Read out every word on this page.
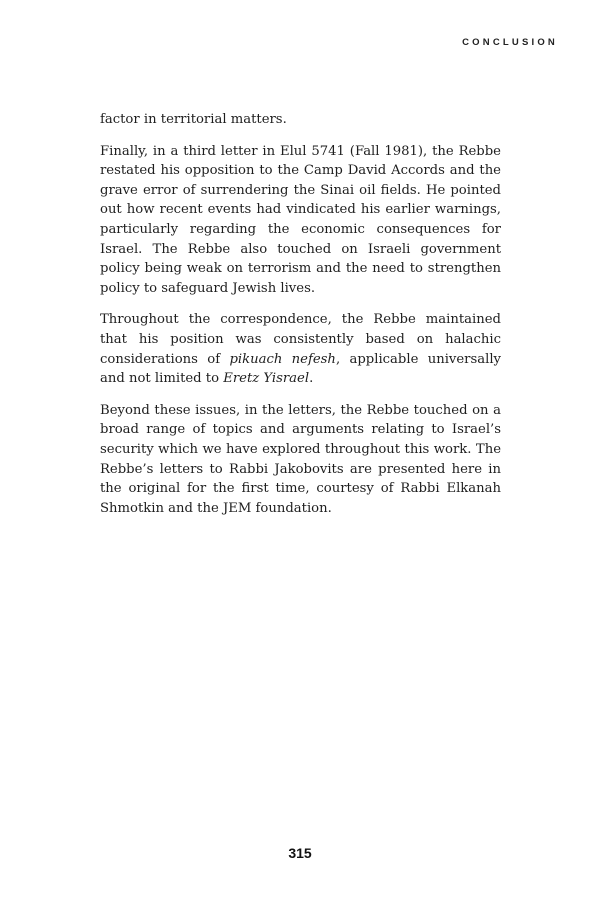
CONCLUSION

factor in territorial matters.

Finally, in a third letter in Elul 5741 (Fall 1981), the Rebbe restated his opposition to the Camp David Accords and the grave error of surrendering the Sinai oil fields. He pointed out how recent events had vindicated his earlier warnings, particularly regarding the economic consequences for Israel. The Rebbe also touched on Israeli government policy being weak on terrorism and the need to strengthen policy to safeguard Jewish lives.

Throughout the correspondence, the Rebbe maintained that his position was consistently based on halachic considerations of pikuach nefesh, applicable universally and not limited to Eretz Yisrael.

Beyond these issues, in the letters, the Rebbe touched on a broad range of topics and arguments relating to Israel’s security which we have explored throughout this work. The Rebbe’s letters to Rabbi Jakobovits are presented here in the original for the first time, courtesy of Rabbi Elkanah Shmotkin and the JEM foundation.

315
